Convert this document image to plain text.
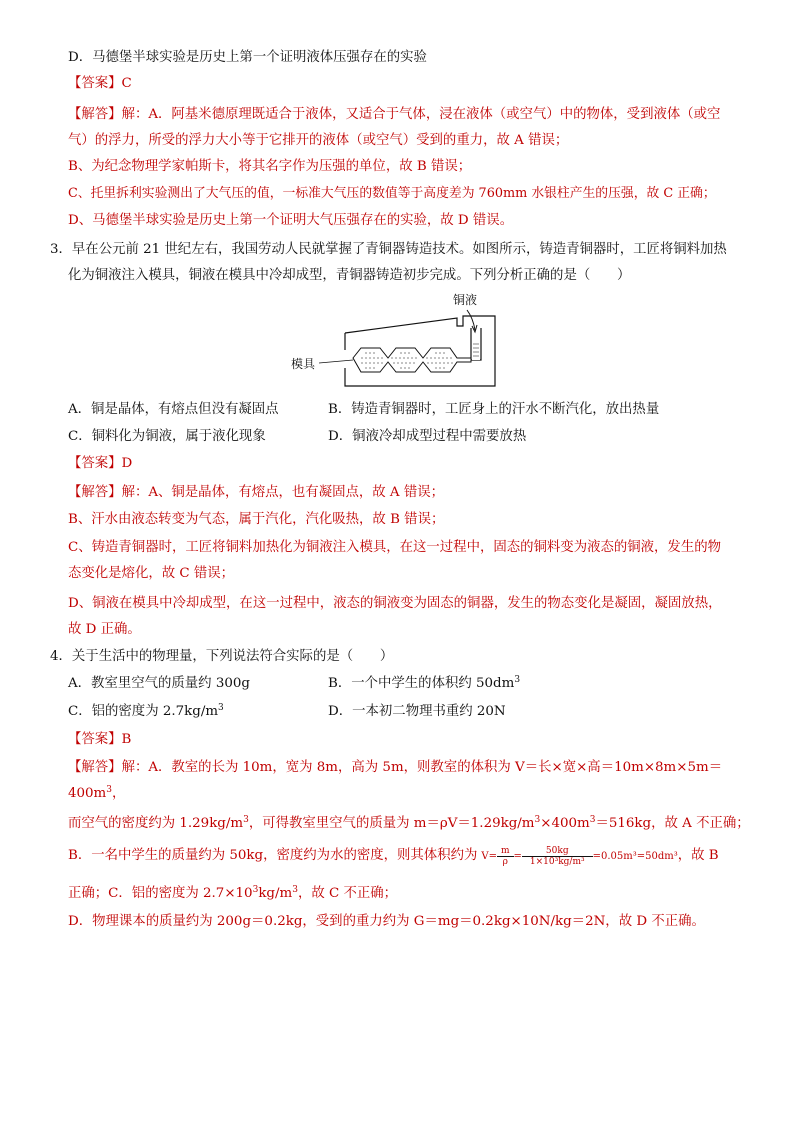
D．马德堡半球实验是历史上第一个证明液体压强存在的实验
【答案】C
【解答】解：A．阿基米德原理既适合于液体，又适合于气体，浸在液体（或空气）中的物体，受到液体（或空
气）的浮力，所受的浮力大小等于它排开的液体（或空气）受到的重力，故 A 错误；
B、为纪念物理学家帕斯卡，将其名字作为压强的单位，故 B 错误；
C、托里拆利实验测出了大气压的值，一标准大气压的数值等于高度差为 760mm 水银柱产生的压强，故 C 正确；
D、马德堡半球实验是历史上第一个证明大气压强存在的实验，故 D 错误。
3．早在公元前 21 世纪左右，我国劳动人民就掌握了青铜器铸造技术。如图所示，铸造青铜器时，工匠将铜料加热
化为铜液注入模具，铜液在模具中冷却成型，青铜器铸造初步完成。下列分析正确的是（　　）
铜液
模具
A．铜是晶体，有熔点但没有凝固点	B．铸造青铜器时，工匠身上的汗水不断汽化，放出热量
C．铜料化为铜液，属于液化现象	D．铜液冷却成型过程中需要放热
【答案】D
【解答】解：A、铜是晶体，有熔点，也有凝固点，故 A 错误；
B、汗水由液态转变为气态，属于汽化，汽化吸热，故 B 错误；
C、铸造青铜器时，工匠将铜料加热化为铜液注入模具，在这一过程中，固态的铜料变为液态的铜液，发生的物
态变化是熔化，故 C 错误；
D、铜液在模具中冷却成型，在这一过程中，液态的铜液变为固态的铜器，发生的物态变化是凝固，凝固放热，
故 D 正确。
4．关于生活中的物理量，下列说法符合实际的是（　　）
A．教室里空气的质量约 300g	B．一个中学生的体积约 $50dm^3$
C．铝的密度为 $2.7kg/m^3$	D．一本初二物理书重约 20N
【答案】B
【解答】解：A．教室的长为 10m，宽为 8m，高为 5m，则教室的体积为 V＝长×宽×高＝10m×8m×5m＝
$400m^3$，
而空气的密度约为 $1.29kg/m^3$，可得教室里空气的质量为 $m=\rho V=1.29kg/m^3\times 400m^3=516kg$，故 A 不正确；
B．一名中学生的质量约为 50kg，密度约为水的密度，则其体积约为 $V= \frac{m}{\rho} = \frac{50kg}{\text{1×10³kg/m³}} =0.05m^3=50dm^3$，故 B
正确；C．铝的密度为 $2.7\times 10^3kg/m^3$，故 C 不正确；
D．物理课本的质量约为 200g＝0.2kg，受到的重力约为 G＝mg＝0.2kg×10N/kg＝2N，故 D 不正确。
